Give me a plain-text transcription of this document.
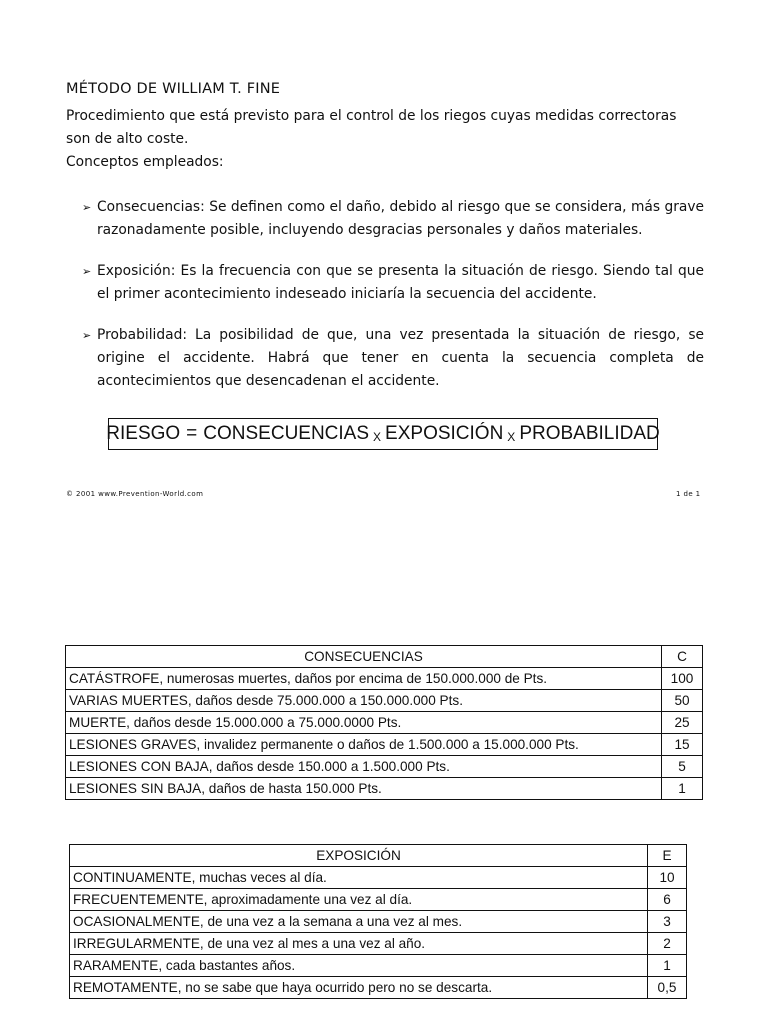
MÉTODO DE WILLIAM T. FINE

Procedimiento que está previsto para el control de los riegos cuyas medidas correctoras

son de alto coste.

Conceptos empleados:

➢ Consecuencias: Se definen como el daño, debido al riesgo que se considera, más grave razonadamente posible, incluyendo desgracias personales y daños materiales.
➢ Exposición: Es la frecuencia con que se presenta la situación de riesgo. Siendo tal que el primer acontecimiento indeseado iniciaría la secuencia del accidente.
➢ Probabilidad: La posibilidad de que, una vez presentada la situación de riesgo, se origine el accidente. Habrá que tener en cuenta la secuencia completa de acontecimientos que desencadenan el accidente.
RIESGO = CONSECUENCIAS X EXPOSICIÓN X PROBABILIDAD
© 2001 www.Prevention-World.com	1 de 1
CONSECUENCIAS	C
CATÁSTROFE, numerosas muertes, daños por encima de 150.000.000 de Pts.	100
VARIAS MUERTES, daños desde 75.000.000 a 150.000.000 Pts.	50
MUERTE, daños desde 15.000.000 a 75.000.0000 Pts.	25
LESIONES GRAVES, invalidez permanente o daños de 1.500.000 a 15.000.000 Pts.	15
LESIONES CON BAJA, daños desde 150.000 a 1.500.000 Pts.	5
LESIONES SIN BAJA, daños de hasta 150.000 Pts.	1
EXPOSICIÓN	E
CONTINUAMENTE, muchas veces al día.	10
FRECUENTEMENTE, aproximadamente una vez al día.	6
OCASIONALMENTE, de una vez a la semana a una vez al mes.	3
IRREGULARMENTE, de una vez al mes a una vez al año.	2
RARAMENTE, cada bastantes años.	1
REMOTAMENTE, no se sabe que haya ocurrido pero no se descarta.	0,5
